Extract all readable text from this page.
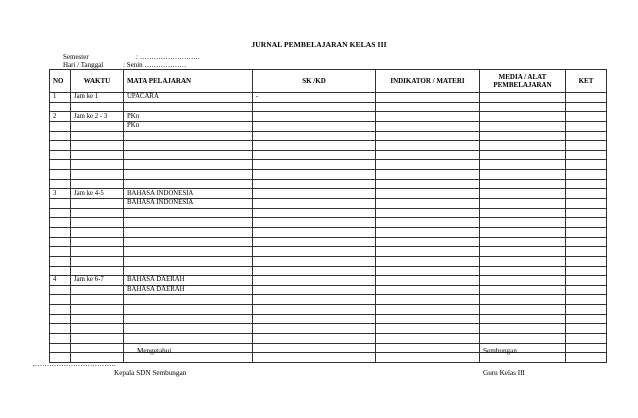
JURNAL PEMBELAJARAN KELAS III
Semester	: ……………………..
Hari / Tanggal	: Senin ………………
NO	WAKTU	MATA PELAJARAN	SK /KD	INDIKATOR / MATERI	MEDIA / ALAT PEMBELAJARAN	KET
1	Jam ke 1	UPACARA	-			

2	Jam ke 2 - 3	PKn				
		PKn				

3	Jam ke 4-5	BAHASA INDONESIA				
		BAHASA INDONESIA				

4	Jam ke 6-7	BAHASA DAERAH				
		BAHASA DAERAH				

Mengetahui
,…………………………….
Kepala SDN Sembungan
Sembungan
Guru Kelas III
